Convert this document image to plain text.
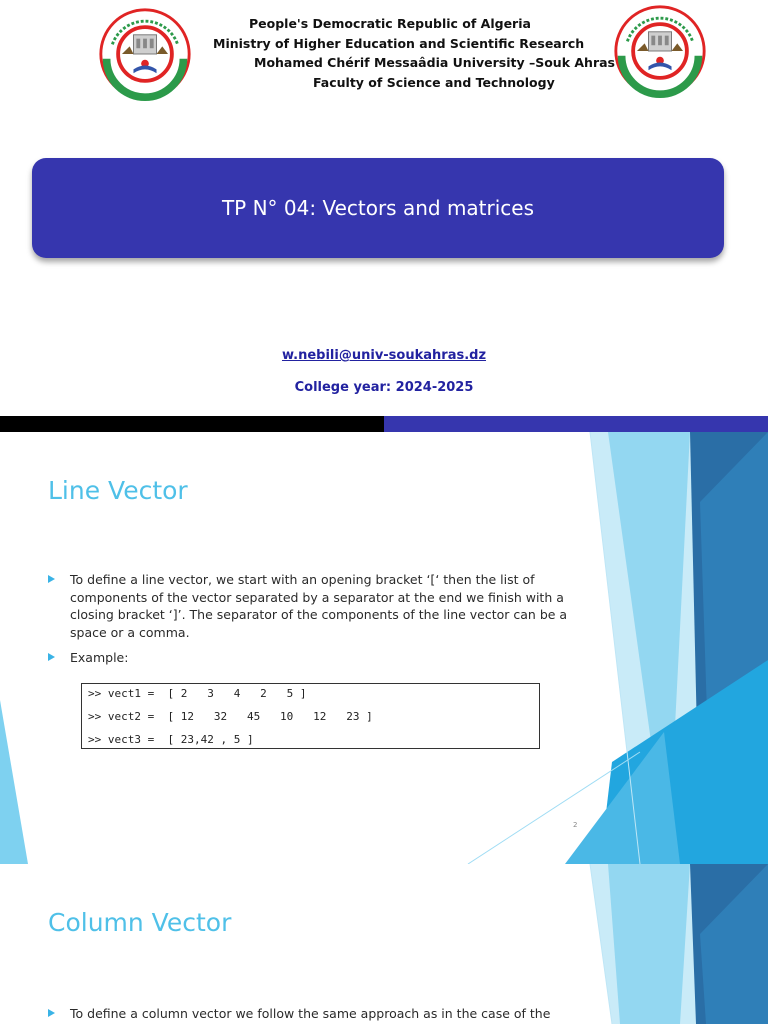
People's Democratic Republic of Algeria
Ministry of Higher Education and Scientific Research
Mohamed Chérif Messaâdia University –Souk Ahras
Faculty of Science and Technology
TP N° 04: Vectors and matrices
w.nebili@univ-soukahras.dz
College year: 2024-2025
Line Vector
To define a line vector, we start with an opening bracket ‘[‘ then the list of components of the vector separated by a separator at the end we finish with a closing bracket ‘]’. The separator of the components of the line vector can be a space or a comma.
Example:
>> vect1 =  [ 2   3   4   2   5 ]
>> vect2 =  [ 12   32   45   10   12   23 ]
>> vect3 =  [ 23,42 , 5 ]
2
Column Vector
To define a column vector we follow the same approach as in the case of the
